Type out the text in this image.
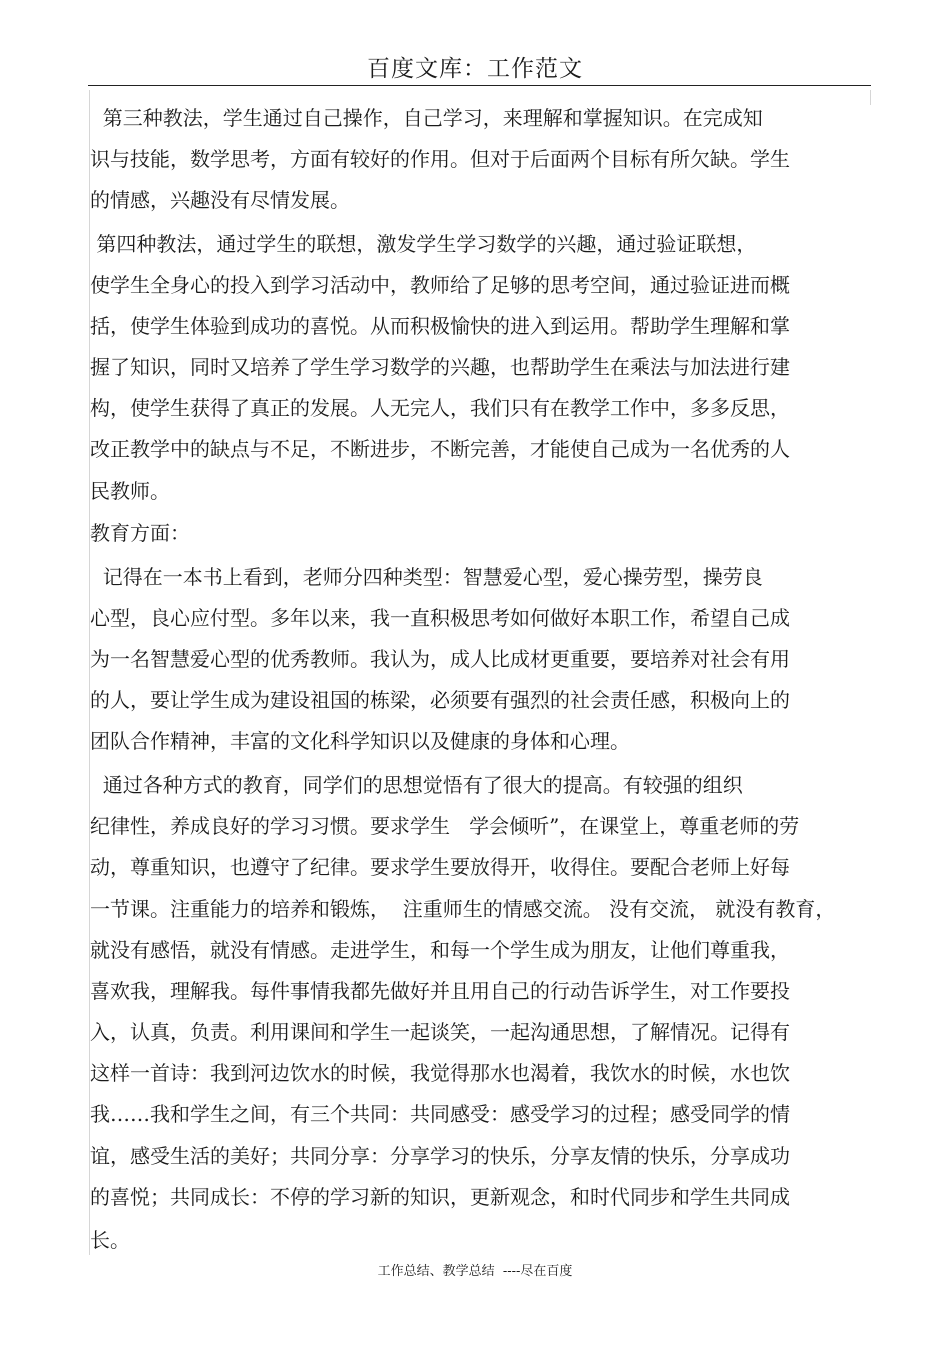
百度文库：工作范文
第三种教法，学生通过自己操作，自己学习，来理解和掌握知识。在完成知
识与技能，数学思考，方面有较好的作用。但对于后面两个目标有所欠缺。学生
的情感，兴趣没有尽情发展。
第四种教法，通过学生的联想，激发学生学习数学的兴趣，通过验证联想，
使学生全身心的投入到学习活动中，教师给了足够的思考空间，通过验证进而概
括，使学生体验到成功的喜悦。从而积极愉快的进入到运用。帮助学生理解和掌
握了知识，同时又培养了学生学习数学的兴趣，也帮助学生在乘法与加法进行建
构，使学生获得了真正的发展。人无完人，我们只有在教学工作中，多多反思，
改正教学中的缺点与不足，不断进步，不断完善，才能使自己成为一名优秀的人
民教师。
教育方面：
记得在一本书上看到，老师分四种类型：智慧爱心型，爱心操劳型，操劳良
心型，良心应付型。多年以来，我一直积极思考如何做好本职工作，希望自己成
为一名智慧爱心型的优秀教师。我认为，成人比成材更重要，要培养对社会有用
的人，要让学生成为建设祖国的栋梁，必须要有强烈的社会责任感，积极向上的
团队合作精神，丰富的文化科学知识以及健康的身体和心理。
通过各种方式的教育，同学们的思想觉悟有了很大的提高。有较强的组织
纪律性，养成良好的学习习惯。要求学生   学会倾听”，在课堂上，尊重老师的劳
动，尊重知识，也遵守了纪律。要求学生要放得开，收得住。要配合老师上好每
一节课。注重能力的培养和锻炼，  注重师生的情感交流。 没有交流， 就没有教育，
就没有感悟，就没有情感。走进学生，和每一个学生成为朋友，让他们尊重我，
喜欢我，理解我。每件事情我都先做好并且用自己的行动告诉学生，对工作要投
入，认真，负责。利用课间和学生一起谈笑，一起沟通思想，了解情况。记得有
这样一首诗：我到河边饮水的时候，我觉得那水也渴着，我饮水的时候，水也饮
我……我和学生之间，有三个共同：共同感受：感受学习的过程；感受同学的情
谊，感受生活的美好；共同分享：分享学习的快乐，分享友情的快乐，分享成功
的喜悦；共同成长：不停的学习新的知识，更新观念，和时代同步和学生共同成
长。
工作总结、教学总结  ----尽在百度
